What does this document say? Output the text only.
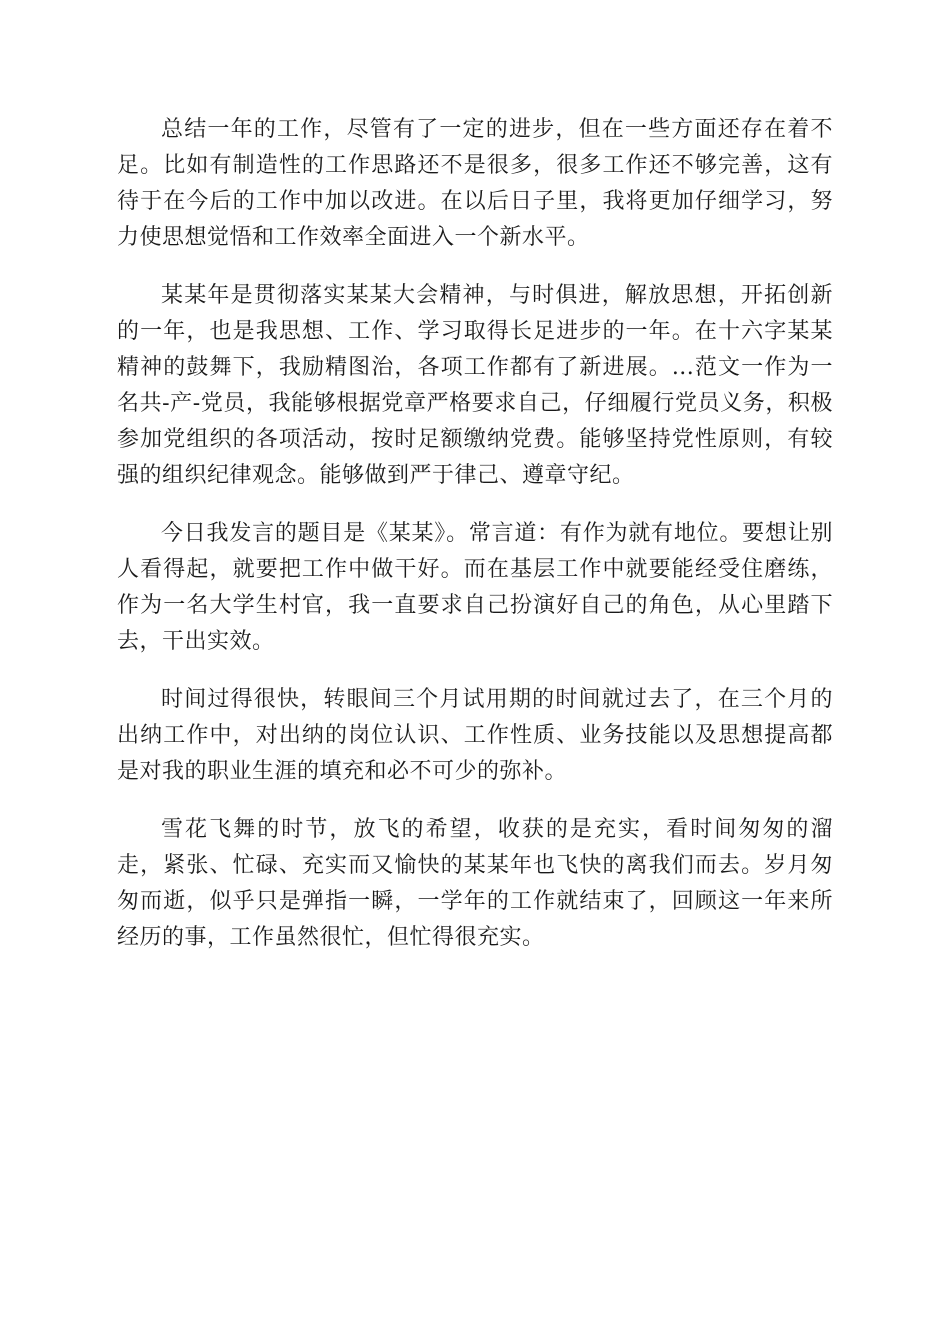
总结一年的工作，尽管有了一定的进步，但在一些方面还存在着不足。比如有制造性的工作思路还不是很多，很多工作还不够完善，这有待于在今后的工作中加以改进。在以后日子里，我将更加仔细学习，努力使思想觉悟和工作效率全面进入一个新水平。

某某年是贯彻落实某某大会精神，与时俱进，解放思想，开拓创新的一年，也是我思想、工作、学习取得长足进步的一年。在十六字某某精神的鼓舞下，我励精图治，各项工作都有了新进展。...范文一作为一名共-产-党员，我能够根据党章严格要求自己，仔细履行党员义务，积极参加党组织的各项活动，按时足额缴纳党费。能够坚持党性原则，有较强的组织纪律观念。能够做到严于律己、遵章守纪。

今日我发言的题目是《某某》。常言道：有作为就有地位。要想让别人看得起，就要把工作中做干好。而在基层工作中就要能经受住磨练，作为一名大学生村官，我一直要求自己扮演好自己的角色，从心里踏下去，干出实效。

时间过得很快，转眼间三个月试用期的时间就过去了，在三个月的出纳工作中，对出纳的岗位认识、工作性质、业务技能以及思想提高都是对我的职业生涯的填充和必不可少的弥补。

雪花飞舞的时节，放飞的希望，收获的是充实，看时间匆匆的溜走，紧张、忙碌、充实而又愉快的某某年也飞快的离我们而去。岁月匆匆而逝，似乎只是弹指一瞬，一学年的工作就结束了，回顾这一年来所经历的事，工作虽然很忙，但忙得很充实。
